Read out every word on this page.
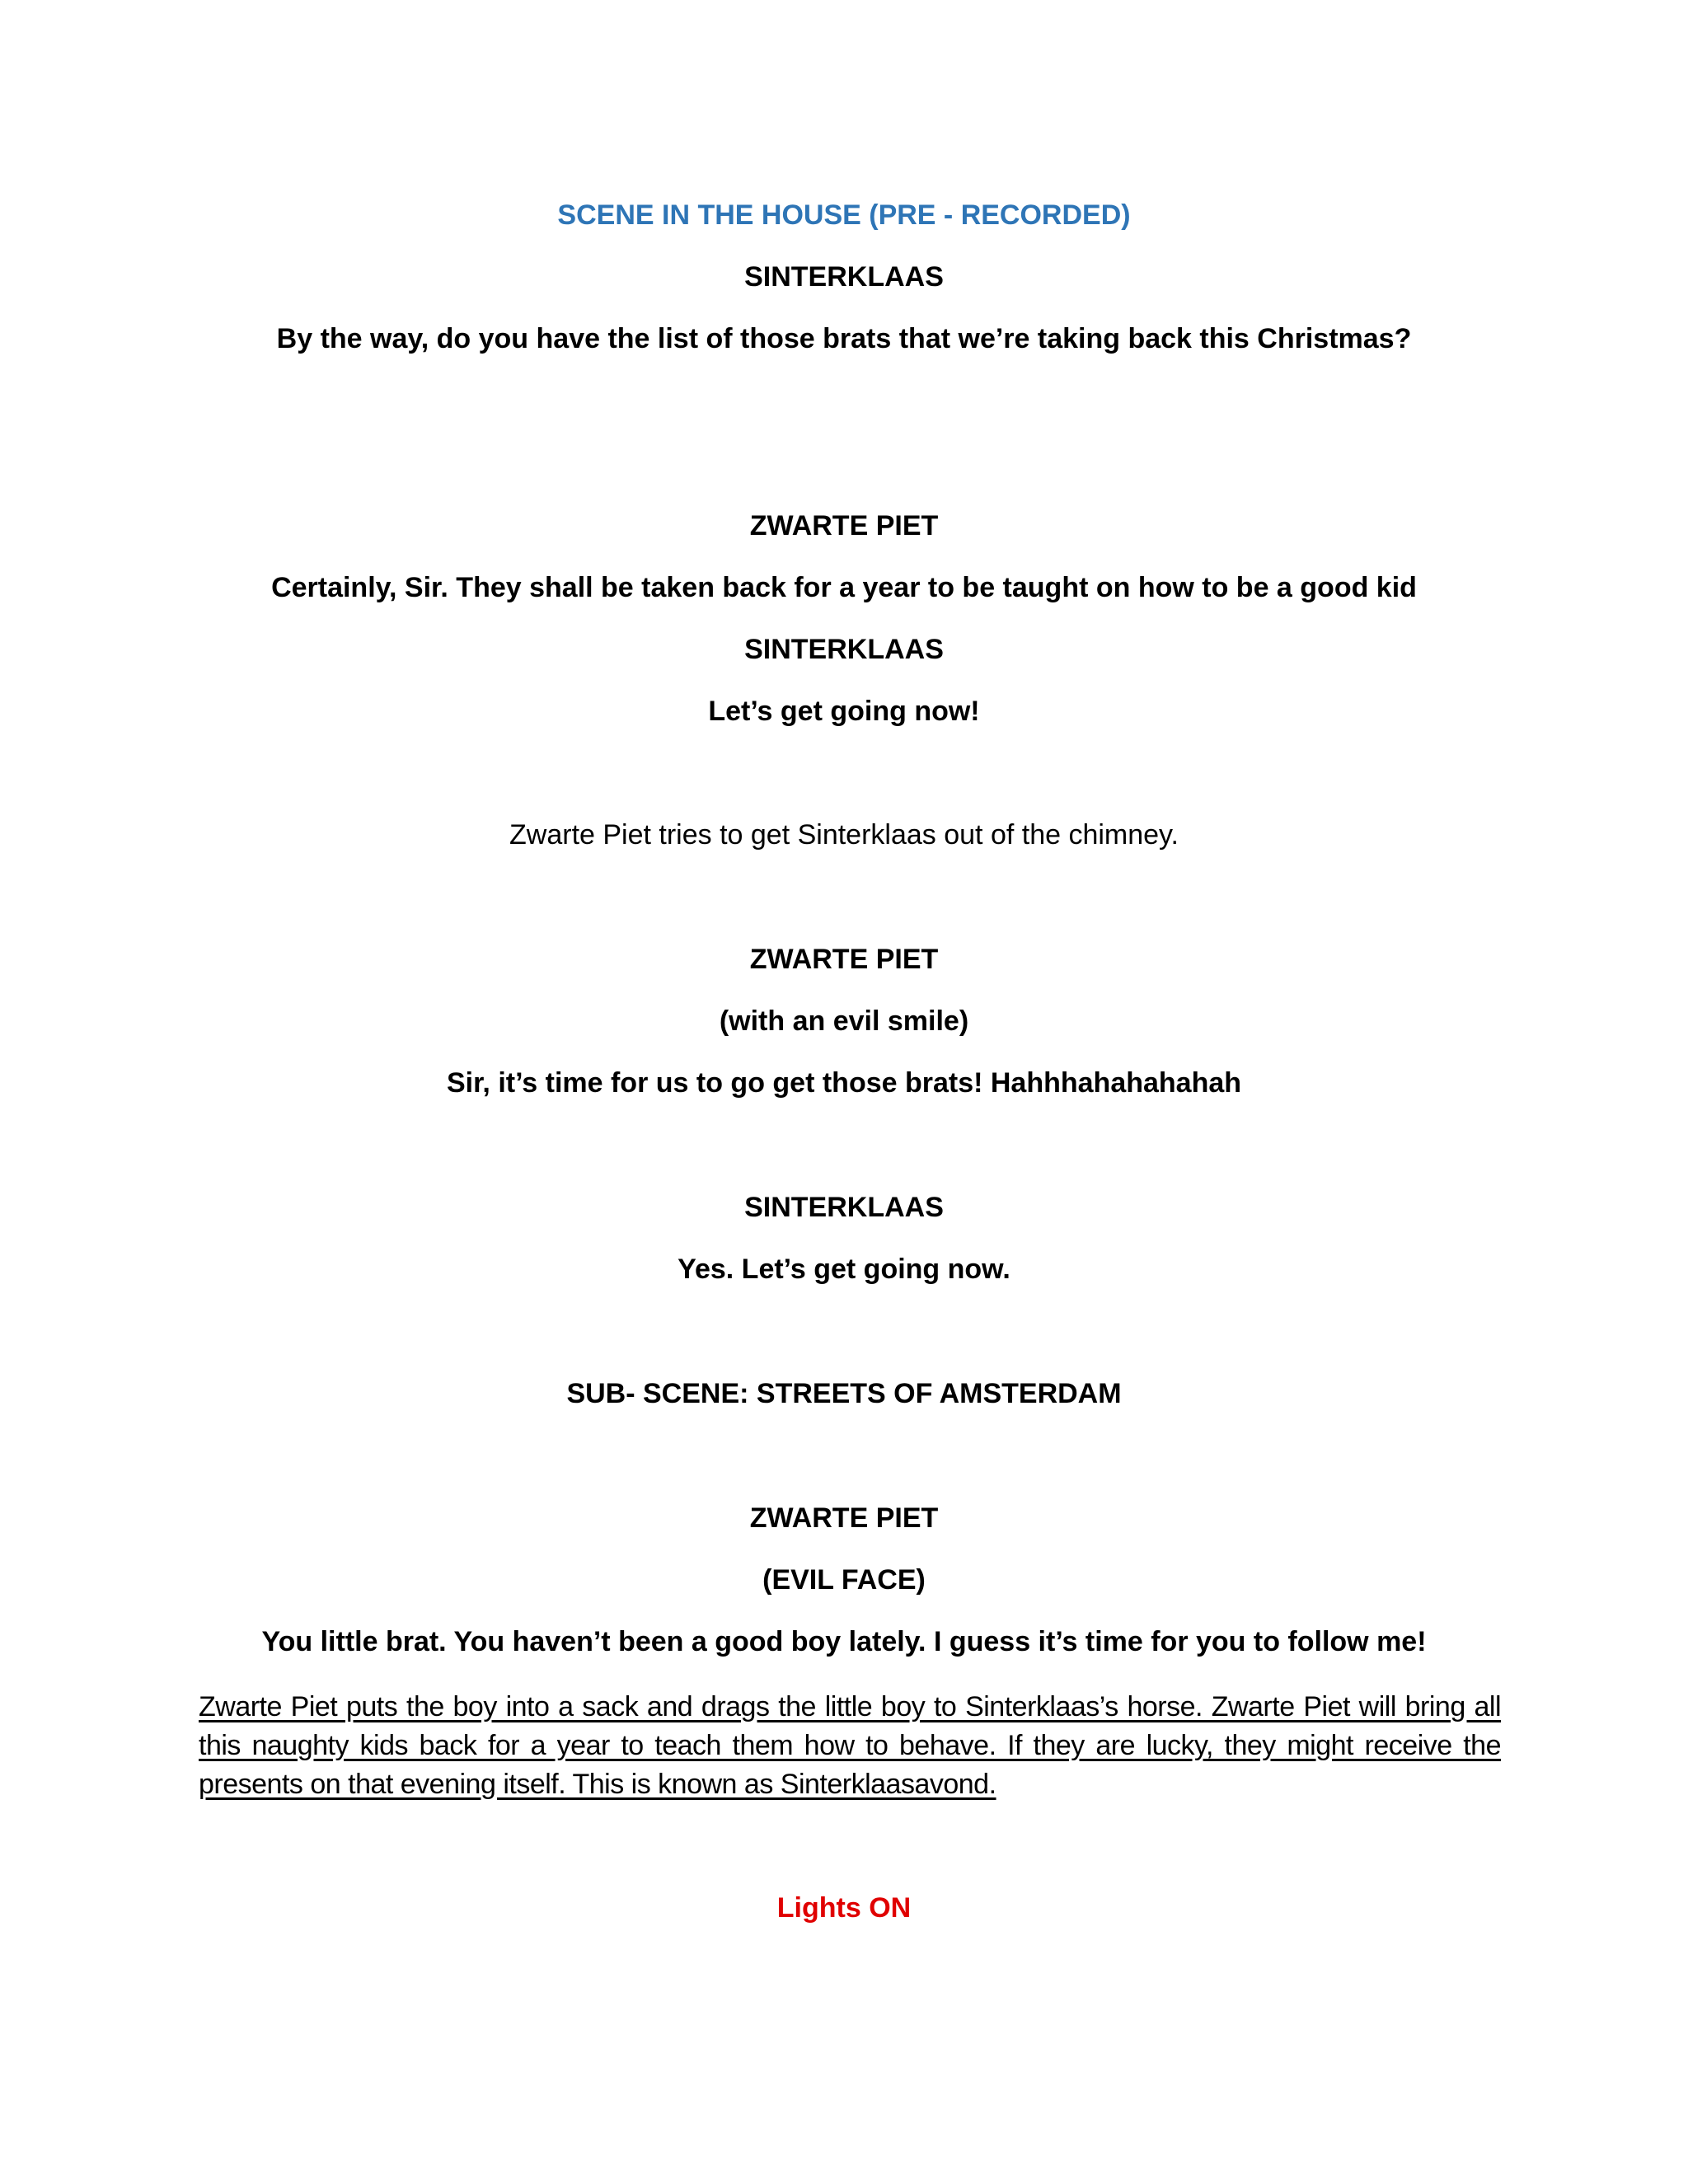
SCENE IN THE HOUSE (PRE - RECORDED)
SINTERKLAAS
By the way, do you have the list of those brats that we’re taking back this Christmas?
ZWARTE PIET
Certainly, Sir. They shall be taken back for a year to be taught on how to be a good kid
SINTERKLAAS
Let’s get going now!
Zwarte Piet tries to get Sinterklaas out of the chimney.
ZWARTE PIET
(with an evil smile)
Sir, it’s time for us to go get those brats! Hahhhahahahahah
SINTERKLAAS
Yes. Let’s get going now.
SUB- SCENE: STREETS OF AMSTERDAM
ZWARTE PIET
(EVIL FACE)
You little brat. You haven’t been a good boy lately. I guess it’s time for you to follow me!
Zwarte Piet puts the boy into a sack and drags the little boy to Sinterklaas’s horse. Zwarte Piet will bring all this naughty kids back for a year to teach them how to behave. If they are lucky, they might receive the presents on that evening itself. This is known as Sinterklaasavond.
Lights ON
